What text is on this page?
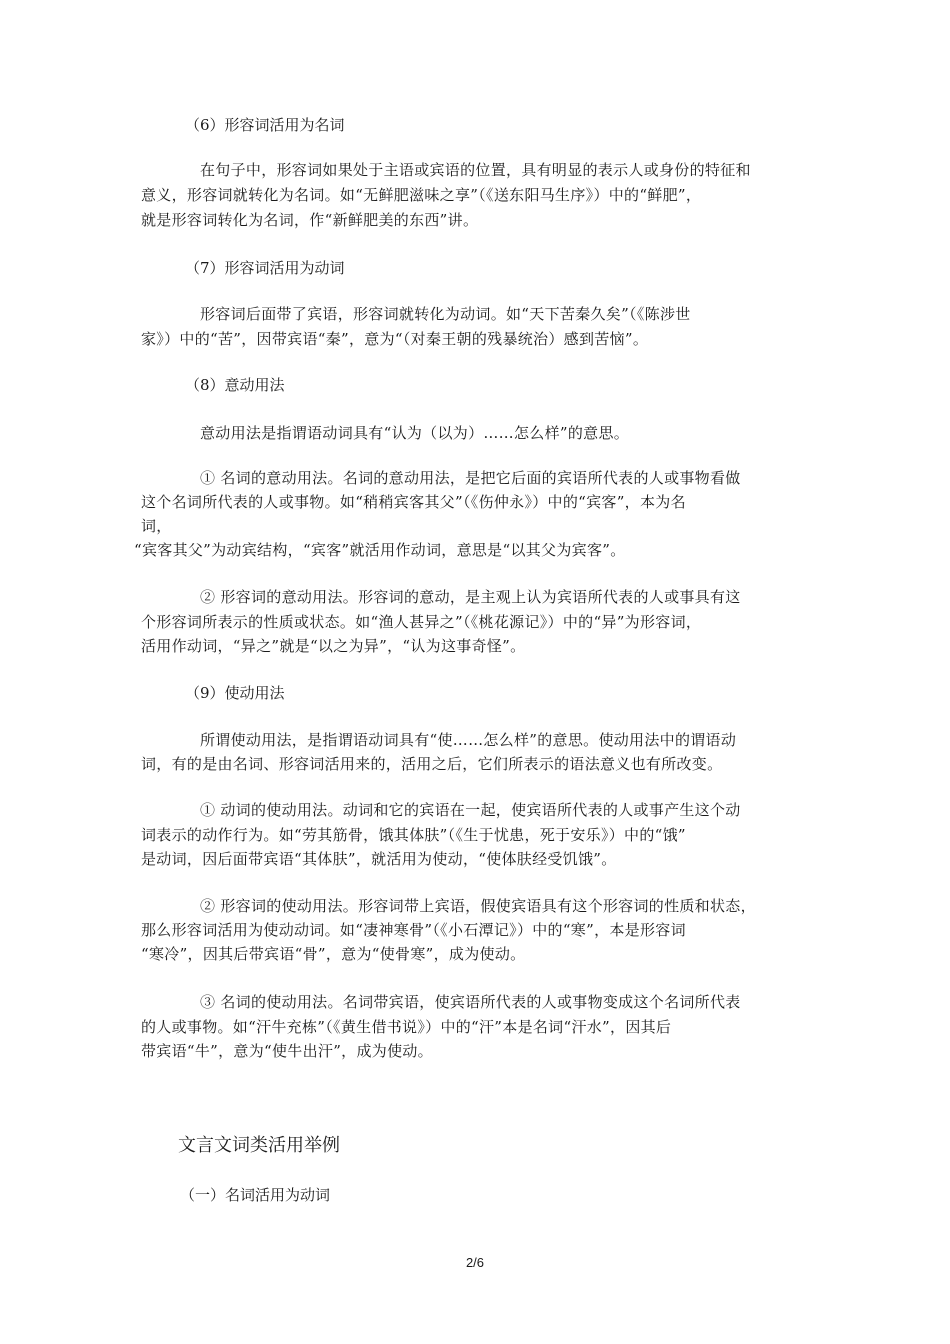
（6）形容词活用为名词
在句子中，形容词如果处于主语或宾语的位置，具有明显的表示人或身份的特征和
意义，形容词就转化为名词。如“无鲜肥滋味之享”（《送东阳马生序》）中的“鲜肥”，
就是形容词转化为名词，作“新鲜肥美的东西”讲。
（7）形容词活用为动词
形容词后面带了宾语，形容词就转化为动词。如“天下苦秦久矣”（《陈涉世
家》）中的“苦”，因带宾语“秦”，意为“（对秦王朝的残暴统治）感到苦恼”。
（8）意动用法
意动用法是指谓语动词具有“认为（以为）……怎么样”的意思。
① 名词的意动用法。名词的意动用法，是把它后面的宾语所代表的人或事物看做
这个名词所代表的人或事物。如“稍稍宾客其父”（《伤仲永》）中的“宾客”，本为名
词，
“宾客其父”为动宾结构，“宾客”就活用作动词，意思是“以其父为宾客”。
② 形容词的意动用法。形容词的意动，是主观上认为宾语所代表的人或事具有这
个形容词所表示的性质或状态。如“渔人甚异之”（《桃花源记》）中的“异”为形容词，
活用作动词，“异之”就是“以之为异”，“认为这事奇怪”。
（9）使动用法
所谓使动用法，是指谓语动词具有“使……怎么样”的意思。使动用法中的谓语动
词，有的是由名词、形容词活用来的，活用之后，它们所表示的语法意义也有所改变。
① 动词的使动用法。动词和它的宾语在一起，使宾语所代表的人或事产生这个动
词表示的动作行为。如“劳其筋骨，饿其体肤”（《生于忧患，死于安乐》）中的“饿”
是动词，因后面带宾语“其体肤”，就活用为使动，“使体肤经受饥饿”。
② 形容词的使动用法。形容词带上宾语，假使宾语具有这个形容词的性质和状态，
那么形容词活用为使动动词。如“凄神寒骨”（《小石潭记》）中的“寒”，本是形容词
“寒冷”，因其后带宾语“骨”，意为“使骨寒”，成为使动。
③ 名词的使动用法。名词带宾语，使宾语所代表的人或事物变成这个名词所代表
的人或事物。如“汗牛充栋”（《黄生借书说》）中的“汗”本是名词“汗水”，因其后
带宾语“牛”，意为“使牛出汗”，成为使动。
文言文词类活用举例
（一）名词活用为动词
2/6
